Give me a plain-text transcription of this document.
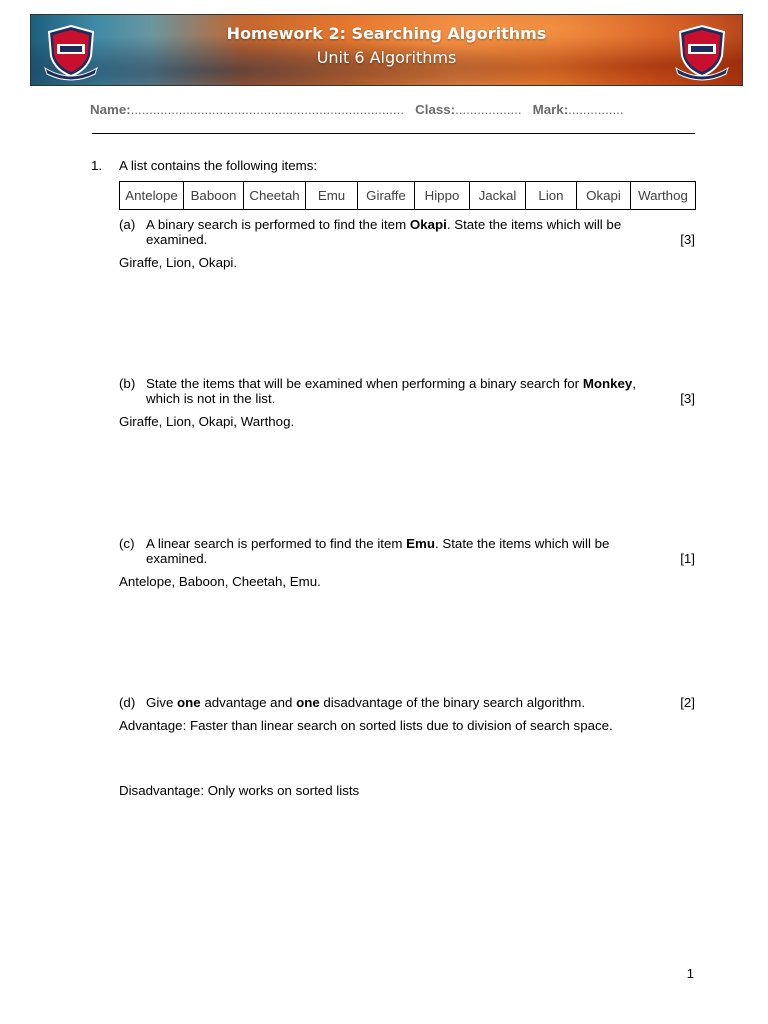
Homework 2: Searching Algorithms
Unit 6 Algorithms
Name:.......................................................................... Class:.................. Mark:...............
1. A list contains the following items:
Antelope	Baboon	Cheetah	Emu	Giraffe	Hippo	Jackal	Lion	Okapi	Warthog
(a) A binary search is performed to find the item Okapi. State the items which will be examined.	[3]
Giraffe, Lion, Okapi.
(b) State the items that will be examined when performing a binary search for Monkey, which is not in the list.	[3]
Giraffe, Lion, Okapi, Warthog.
(c) A linear search is performed to find the item Emu. State the items which will be examined.	[1]
Antelope, Baboon, Cheetah, Emu.
(d) Give one advantage and one disadvantage of the binary search algorithm.	[2]
Advantage: Faster than linear search on sorted lists due to division of search space.
Disadvantage: Only works on sorted lists
1
